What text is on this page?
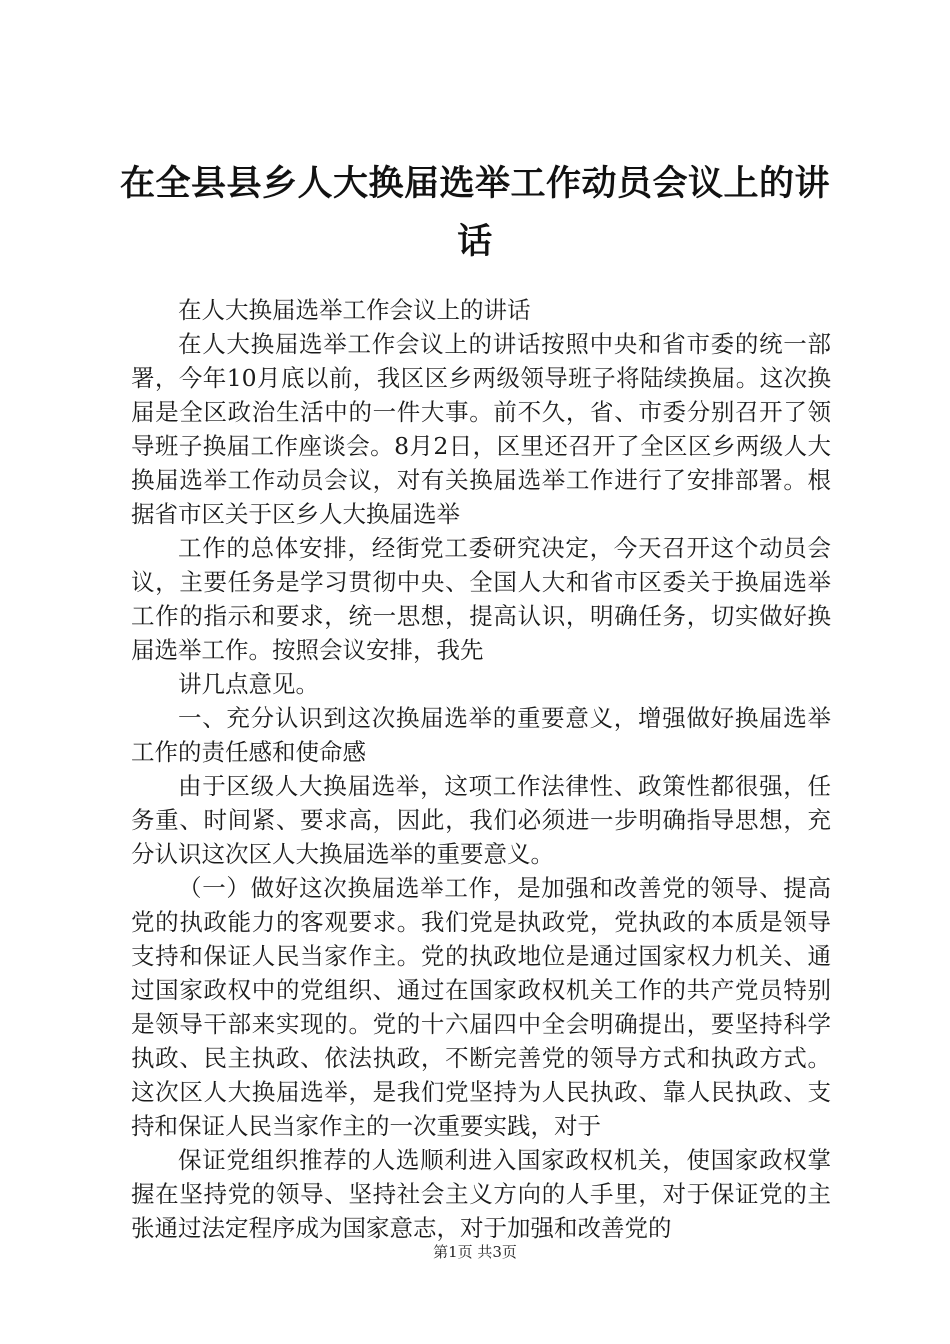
在全县县乡人大换届选举工作动员会议上的讲话

在人大换届选举工作会议上的讲话

在人大换届选举工作会议上的讲话按照中央和省市委的统一部署，今年10月底以前，我区区乡两级领导班子将陆续换届。这次换届是全区政治生活中的一件大事。前不久，省、市委分别召开了领导班子换届工作座谈会。8月2日，区里还召开了全区区乡两级人大换届选举工作动员会议，对有关换届选举工作进行了安排部署。根据省市区关于区乡人大换届选举

工作的总体安排，经街党工委研究决定，今天召开这个动员会议，主要任务是学习贯彻中央、全国人大和省市区委关于换届选举工作的指示和要求，统一思想，提高认识，明确任务，切实做好换届选举工作。按照会议安排，我先

讲几点意见。

一、充分认识到这次换届选举的重要意义，增强做好换届选举工作的责任感和使命感

由于区级人大换届选举，这项工作法律性、政策性都很强，任务重、时间紧、要求高，因此，我们必须进一步明确指导思想，充分认识这次区人大换届选举的重要意义。

（一）做好这次换届选举工作，是加强和改善党的领导、提高党的执政能力的客观要求。我们党是执政党，党执政的本质是领导支持和保证人民当家作主。党的执政地位是通过国家权力机关、通过国家政权中的党组织、通过在国家政权机关工作的共产党员特别是领导干部来实现的。党的十六届四中全会明确提出，要坚持科学执政、民主执政、依法执政，不断完善党的领导方式和执政方式。这次区人大换届选举，是我们党坚持为人民执政、靠人民执政、支持和保证人民当家作主的一次重要实践，对于

保证党组织推荐的人选顺利进入国家政权机关，使国家政权掌握在坚持党的领导、坚持社会主义方向的人手里，对于保证党的主张通过法定程序成为国家意志，对于加强和改善党的

第1页 共3页
